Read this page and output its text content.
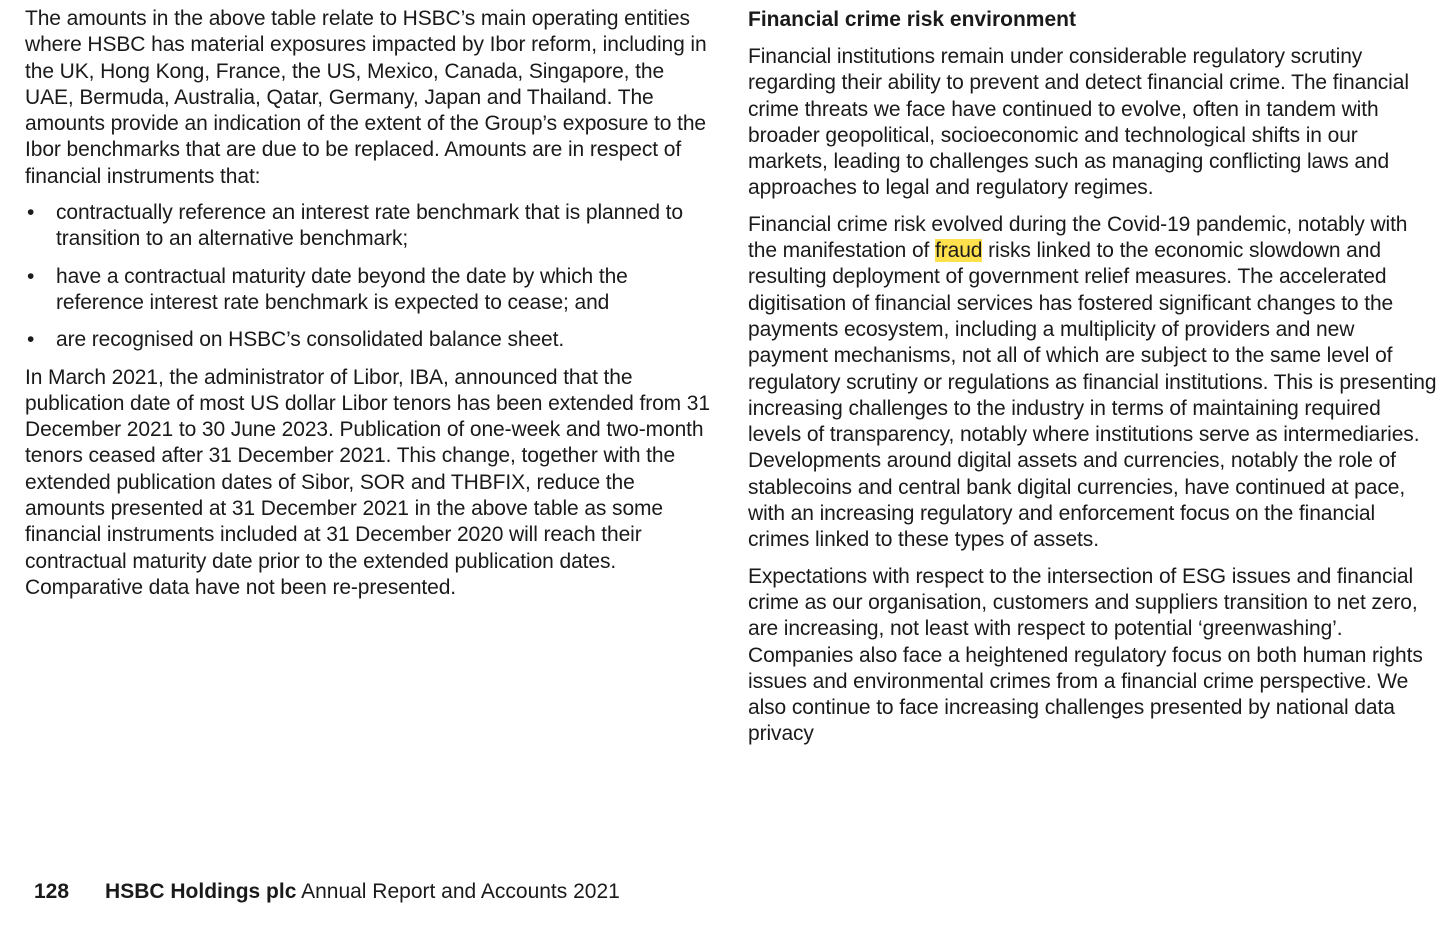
The amounts in the above table relate to HSBC’s main operating entities where HSBC has material exposures impacted by Ibor reform, including in the UK, Hong Kong, France, the US, Mexico, Canada, Singapore, the UAE, Bermuda, Australia, Qatar, Germany, Japan and Thailand. The amounts provide an indication of the extent of the Group’s exposure to the Ibor benchmarks that are due to be replaced. Amounts are in respect of financial instruments that:

• contractually reference an interest rate benchmark that is planned to transition to an alternative benchmark;
• have a contractual maturity date beyond the date by which the reference interest rate benchmark is expected to cease; and
• are recognised on HSBC’s consolidated balance sheet.

In March 2021, the administrator of Libor, IBA, announced that the publication date of most US dollar Libor tenors has been extended from 31 December 2021 to 30 June 2023. Publication of one-week and two-month tenors ceased after 31 December 2021. This change, together with the extended publication dates of Sibor, SOR and THBFIX, reduce the amounts presented at 31 December 2021 in the above table as some financial instruments included at 31 December 2020 will reach their contractual maturity date prior to the extended publication dates. Comparative data have not been re-presented.

Financial crime risk environment

Financial institutions remain under considerable regulatory scrutiny regarding their ability to prevent and detect financial crime. The financial crime threats we face have continued to evolve, often in tandem with broader geopolitical, socioeconomic and technological shifts in our markets, leading to challenges such as managing conflicting laws and approaches to legal and regulatory regimes.

Financial crime risk evolved during the Covid-19 pandemic, notably with the manifestation of fraud risks linked to the economic slowdown and resulting deployment of government relief measures. The accelerated digitisation of financial services has fostered significant changes to the payments ecosystem, including a multiplicity of providers and new payment mechanisms, not all of which are subject to the same level of regulatory scrutiny or regulations as financial institutions. This is presenting increasing challenges to the industry in terms of maintaining required levels of transparency, notably where institutions serve as intermediaries. Developments around digital assets and currencies, notably the role of stablecoins and central bank digital currencies, have continued at pace, with an increasing regulatory and enforcement focus on the financial crimes linked to these types of assets.

Expectations with respect to the intersection of ESG issues and financial crime as our organisation, customers and suppliers transition to net zero, are increasing, not least with respect to potential ‘greenwashing’. Companies also face a heightened regulatory focus on both human rights issues and environmental crimes from a financial crime perspective. We also continue to face increasing challenges presented by national data privacy

128 HSBC Holdings plc Annual Report and Accounts 2021
